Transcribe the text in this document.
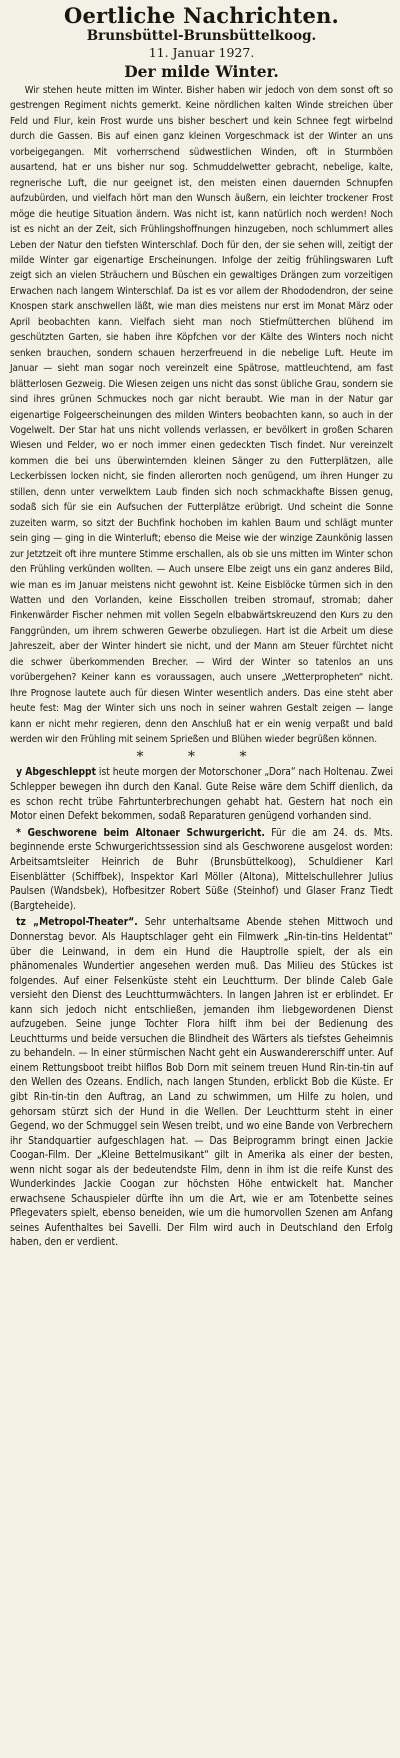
Oertliche Nachrichten.
Brunsbüttel-Brunsbüttelkoog.
11. Januar 1927.
Der milde Winter.

Wir stehen heute mitten im Winter. Bisher haben wir jedoch von dem sonst oft so gestrengen Regiment nichts gemerkt. Keine nördlichen kalten Winde streichen über Feld und Flur, kein Frost wurde uns bisher beschert und kein Schnee fegt wirbelnd durch die Gassen. Bis auf einen ganz kleinen Vorgeschmack ist der Winter an uns vorbeigegangen. Mit vorherrschend südwestlichen Winden, oft in Sturmböen ausartend, hat er uns bisher nur sog. Schmuddelwetter gebracht, nebelige, kalte, regnerische Luft, die nur geeignet ist, den meisten einen dauernden Schnupfen aufzubürden, und vielfach hört man den Wunsch äußern, ein leichter trockener Frost möge die heutige Situation ändern. Was nicht ist, kann natürlich noch werden! Noch ist es nicht an der Zeit, sich Frühlingshoffnungen hinzugeben, noch schlummert alles Leben der Natur den tiefsten Winterschlaf. Doch für den, der sie sehen will, zeitigt der milde Winter gar eigenartige Erscheinungen. Infolge der zeitig frühlingswaren Luft zeigt sich an vielen Sträuchern und Büschen ein gewaltiges Drängen zum vorzeitigen Erwachen nach langem Winterschlaf. Da ist es vor allem der Rhododendron, der seine Knospen stark anschwellen läßt, wie man dies meistens nur erst im Monat März oder April beobachten kann. Vielfach sieht man noch Stiefmütterchen blühend im geschützten Garten, sie haben ihre Köpfchen vor der Kälte des Winters noch nicht senken brauchen, sondern schauen herzerfreuend in die nebelige Luft. Heute im Januar — sieht man sogar noch vereinzelt eine Spätrose, mattleuchtend, am fast blätterlosen Gezweig. Die Wiesen zeigen uns nicht das sonst übliche Grau, sondern sie sind ihres grünen Schmuckes noch gar nicht beraubt. Wie man in der Natur gar eigenartige Folgeerscheinungen des milden Winters beobachten kann, so auch in der Vogelwelt. Der Star hat uns nicht vollends verlassen, er bevölkert in großen Scharen Wiesen und Felder, wo er noch immer einen gedeckten Tisch findet. Nur vereinzelt kommen die bei uns überwinternden kleinen Sänger zu den Futterplätzen, alle Leckerbissen locken nicht, sie finden allerorten noch genügend, um ihren Hunger zu stillen, denn unter verwelktem Laub finden sich noch schmackhafte Bissen genug, sodaß sich für sie ein Aufsuchen der Futterplätze erübrigt. Und scheint die Sonne zuzeiten warm, so sitzt der Buchfink hochoben im kahlen Baum und schlägt munter sein ging — ging in die Winterluft; ebenso die Meise wie der winzige Zaunkönig lassen zur Jetztzeit oft ihre muntere Stimme erschallen, als ob sie uns mitten im Winter schon den Frühling verkünden wollten. — Auch unsere Elbe zeigt uns ein ganz anderes Bild, wie man es im Januar meistens nicht gewohnt ist. Keine Eisblöcke türmen sich in den Watten und den Vorlanden, keine Eisschollen treiben stromauf, stromab; daher Finkenwärder Fischer nehmen mit vollen Segeln elbabwärtskreuzend den Kurs zu den Fanggründen, um ihrem schweren Gewerbe obzuliegen. Hart ist die Arbeit um diese Jahreszeit, aber der Winter hindert sie nicht, und der Mann am Steuer fürchtet nicht die schwer überkommenden Brecher. — Wird der Winter so tatenlos an uns vorübergehen? Keiner kann es voraussagen, auch unsere „Wetterpropheten“ nicht. Ihre Prognose lautete auch für diesen Winter wesentlich anders. Das eine steht aber heute fest: Mag der Winter sich uns noch in seiner wahren Gestalt zeigen — lange kann er nicht mehr regieren, denn den Anschluß hat er ein wenig verpaßt und bald werden wir den Frühling mit seinem Sprießen und Blühen wieder begrüßen können.

* * *

y Abgeschleppt ist heute morgen der Motorschoner „Dora“ nach Holtenau. Zwei Schlepper bewegen ihn durch den Kanal. Gute Reise wäre dem Schiff dienlich, da es schon recht trübe Fahrtunterbrechungen gehabt hat. Gestern hat noch ein Motor einen Defekt bekommen, sodaß Reparaturen genügend vorhanden sind.

* Geschworene beim Altonaer Schwurgericht. Für die am 24. ds. Mts. beginnende erste Schwurgerichtssession sind als Geschworene ausgelost worden: Arbeitsamtsleiter Heinrich de Buhr (Brunsbüttelkoog), Schuldiener Karl Eisenblätter (Schiffbek), Inspektor Karl Möller (Altona), Mittelschullehrer Julius Paulsen (Wandsbek), Hofbesitzer Robert Süße (Steinhof) und Glaser Franz Tiedt (Bargteheide).

tz „Metropol-Theater“. Sehr unterhaltsame Abende stehen Mittwoch und Donnerstag bevor. Als Hauptschlager geht ein Filmwerk „Rin-tin-tins Heldentat“ über die Leinwand, in dem ein Hund die Hauptrolle spielt, der als ein phänomenales Wundertier angesehen werden muß. Das Milieu des Stückes ist folgendes. Auf einer Felsenküste steht ein Leuchtturm. Der blinde Caleb Gale versieht den Dienst des Leuchtturmwächters. In langen Jahren ist er erblindet. Er kann sich jedoch nicht entschließen, jemanden ihm liebgewordenen Dienst aufzugeben. Seine junge Tochter Flora hilft ihm bei der Bedienung des Leuchtturms und beide versuchen die Blindheit des Wärters als tiefstes Geheimnis zu behandeln. — In einer stürmischen Nacht geht ein Auswandererschiff unter. Auf einem Rettungsboot treibt hilflos Bob Dorn mit seinem treuen Hund Rin-tin-tin auf den Wellen des Ozeans. Endlich, nach langen Stunden, erblickt Bob die Küste. Er gibt Rin-tin-tin den Auftrag, an Land zu schwimmen, um Hilfe zu holen, und gehorsam stürzt sich der Hund in die Wellen. Der Leuchtturm steht in einer Gegend, wo der Schmuggel sein Wesen treibt, und wo eine Bande von Verbrechern ihr Standquartier aufgeschlagen hat. — Das Beiprogramm bringt einen Jackie Coogan-Film. Der „Kleine Bettelmusikant“ gilt in Amerika als einer der besten, wenn nicht sogar als der bedeutendste Film, denn in ihm ist die reife Kunst des Wunderkindes Jackie Coogan zur höchsten Höhe entwickelt hat. Mancher erwachsene Schauspieler dürfte ihn um die Art, wie er am Totenbette seines Pflegevaters spielt, ebenso beneiden, wie um die humorvollen Szenen am Anfang seines Aufenthaltes bei Savelli. Der Film wird auch in Deutschland den Erfolg haben, den er verdient.
